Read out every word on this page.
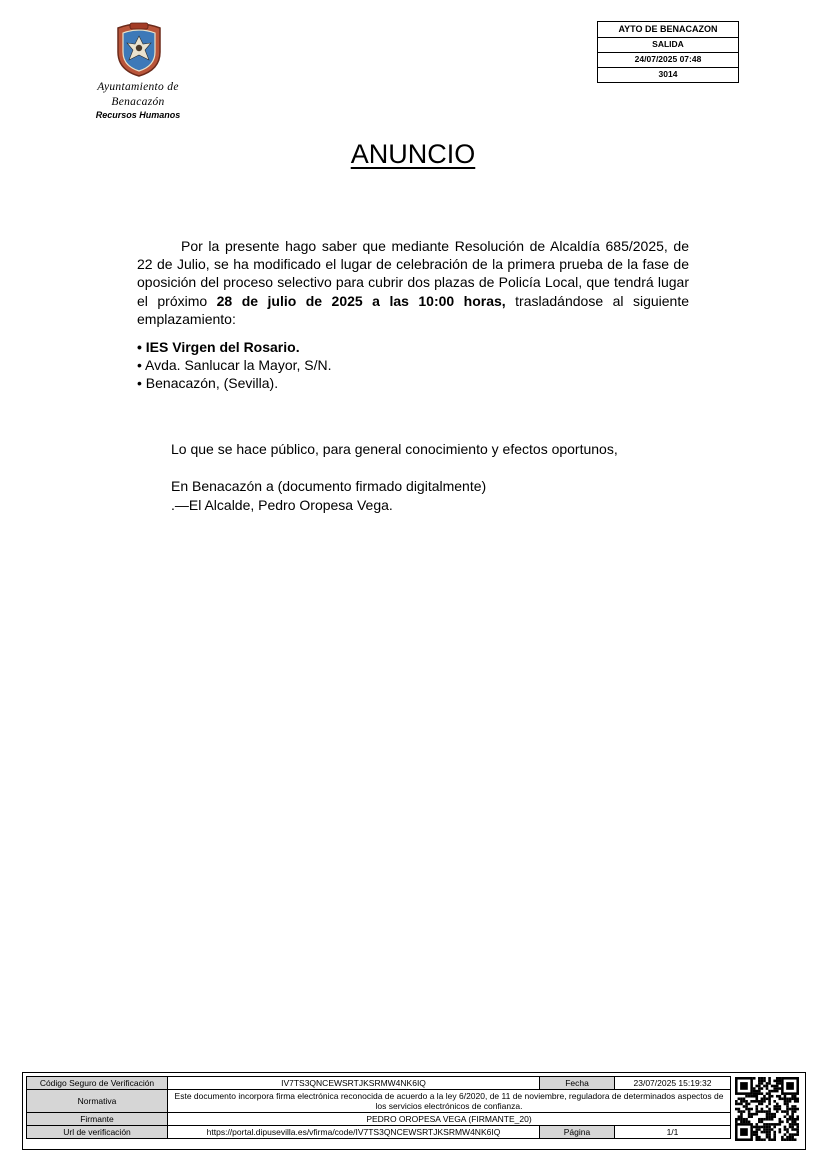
Ayuntamiento de
Benacazón
Recursos Humanos
AYTO DE BENACAZON
SALIDA
24/07/2025 07:48
3014
ANUNCIO
Por la presente hago saber que mediante Resolución de Alcaldía 685/2025, de 22 de Julio, se ha modificado el lugar de celebración de la primera prueba de la fase de oposición del proceso selectivo para cubrir dos plazas de Policía Local, que tendrá lugar el próximo 28 de julio de 2025 a las 10:00 horas, trasladándose al siguiente emplazamiento:
• IES Virgen del Rosario.
• Avda. Sanlucar la Mayor, S/N.
• Benacazón, (Sevilla).
Lo que se hace público, para general conocimiento y efectos oportunos,
En Benacazón a (documento firmado digitalmente)
.—El Alcalde, Pedro Oropesa Vega.
Código Seguro de Verificación	IV7TS3QNCEWSRTJKSRMW4NK6IQ	Fecha	23/07/2025 15:19:32
Normativa	Este documento incorpora firma electrónica reconocida de acuerdo a la ley 6/2020, de 11 de noviembre, reguladora de determinados aspectos de los servicios electrónicos de confianza.		
Firmante	PEDRO OROPESA VEGA (FIRMANTE_20)		
Url de verificación	https://portal.dipusevilla.es/vfirma/code/IV7TS3QNCEWSRTJKSRMW4NK6IQ	Página	1/1
